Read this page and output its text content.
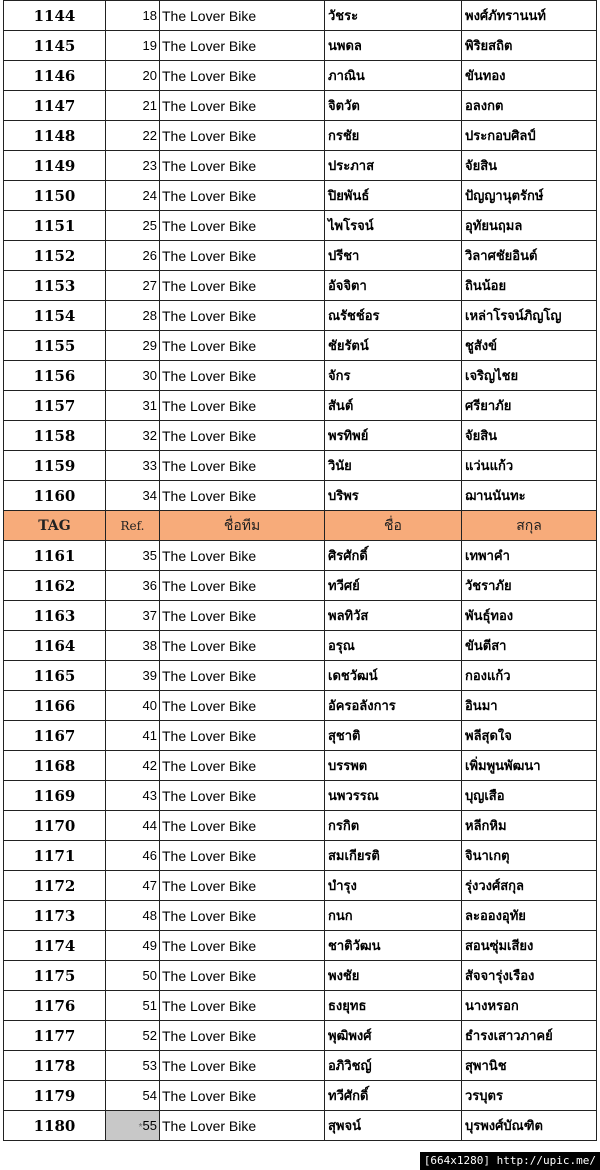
1144	18	The Lover Bike	วัชระ	พงศ์ภัทรานนท์
1145	19	The Lover Bike	นพดล	พิริยสถิต
1146	20	The Lover Bike	ภาณิน	ขันทอง
1147	21	The Lover Bike	จิตวัต	อลงกต
1148	22	The Lover Bike	กรชัย	ประกอบศิลป์
1149	23	The Lover Bike	ประภาส	จัยสิน
1150	24	The Lover Bike	ปิยพันธ์	ปัญญานุตรักษ์
1151	25	The Lover Bike	ไพโรจน์	อุทัยนฤมล
1152	26	The Lover Bike	ปรีชา	วิลาศชัยอินต์
1153	27	The Lover Bike	อัจจิตา	ถินน้อย
1154	28	The Lover Bike	ณรัชช์อร	เหล่าโรจน์ภิญโญ
1155	29	The Lover Bike	ชัยรัตน์	ชูสังข์
1156	30	The Lover Bike	จักร	เจริญไชย
1157	31	The Lover Bike	สันต์	ศรียาภัย
1158	32	The Lover Bike	พรทิพย์	จัยสิน
1159	33	The Lover Bike	วินัย	แว่นแก้ว
1160	34	The Lover Bike	บริพร	ฌานนันทะ
TAG	Ref.	ชื่อทีม	ชื่อ	สกุล
1161	35	The Lover Bike	ศิรศักดิ์	เทพาคำ
1162	36	The Lover Bike	ทวีศย์	วัชราภัย
1163	37	The Lover Bike	พลทิวัส	พันธุ์ทอง
1164	38	The Lover Bike	อรุณ	ขันตีสา
1165	39	The Lover Bike	เดชวัฒน์	กองแก้ว
1166	40	The Lover Bike	อัครอลังการ	อินมา
1167	41	The Lover Bike	สุชาติ	พลีสุดใจ
1168	42	The Lover Bike	บรรพต	เพิ่มพูนพัฒนา
1169	43	The Lover Bike	นพวรรณ	บุญเสือ
1170	44	The Lover Bike	กรกิต	หลีกหิม
1171	46	The Lover Bike	สมเกียรติ	จินาเกตุ
1172	47	The Lover Bike	บำรุง	รุ่งวงศ์สกุล
1173	48	The Lover Bike	กนก	ละอองอุทัย
1174	49	The Lover Bike	ชาติวัฒน	สอนซุ่มเสียง
1175	50	The Lover Bike	พงชัย	สัจจารุ่งเรือง
1176	51	The Lover Bike	ธงยุทธ	นางหรอก
1177	52	The Lover Bike	พุฒิพงศ์	ธำรงเสาวภาคย์
1178	53	The Lover Bike	อภิวิชญ์	สุพานิช
1179	54	The Lover Bike	ทวีศักดิ์	วรบุตร
1180	*55	The Lover Bike	สุพจน์	บุรพงศ์บัณฑิต
[664x1280] http://upic.me/
